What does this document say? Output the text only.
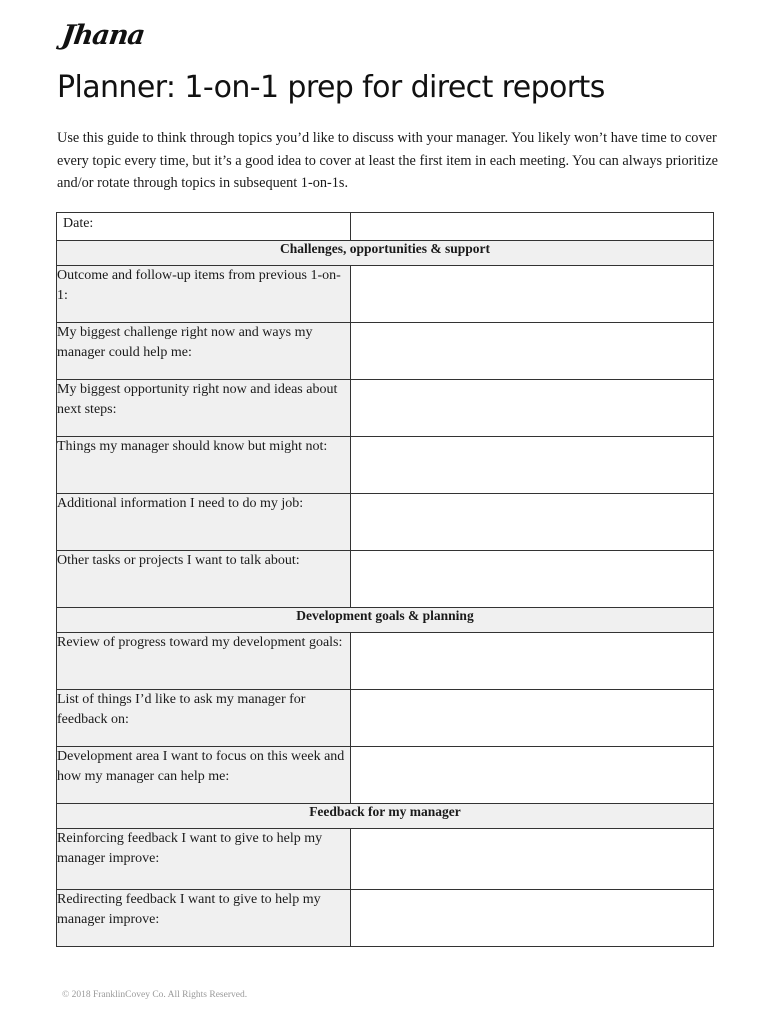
Jhana
Planner: 1-on-1 prep for direct reports

Use this guide to think through topics you’d like to discuss with your manager. You likely won’t have time to cover every topic every time, but it’s a good idea to cover at least the first item in each meeting. You can always prioritize and/or rotate through topics in subsequent 1-on-1s.

Date:	
Challenges, opportunities & support	
Outcome and follow-up items from previous 1-on-1:	
My biggest challenge right now and ways my manager could help me:	
My biggest opportunity right now and ideas about next steps:	
Things my manager should know but might not:	
Additional information I need to do my job:	
Other tasks or projects I want to talk about:	
Development goals & planning	
Review of progress toward my development goals:	
List of things I’d like to ask my manager for feedback on:	
Development area I want to focus on this week and how my manager can help me:	
Feedback for my manager	
Reinforcing feedback I want to give to help my manager improve:	
Redirecting feedback I want to give to help my manager improve:	
© 2018 FranklinCovey Co. All Rights Reserved.
